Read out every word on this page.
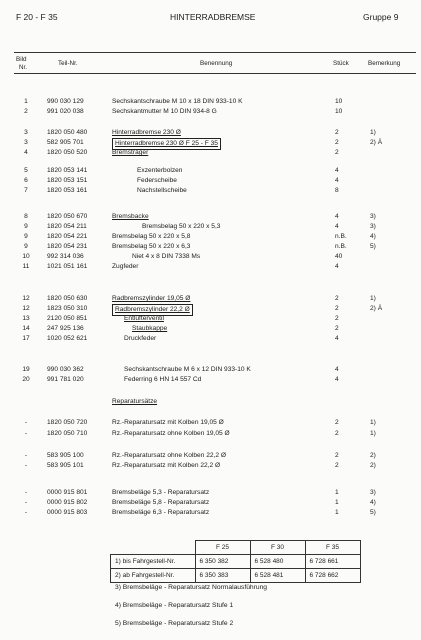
F 20 - F 35	HINTERRADBREMSE	Gruppe 9
Bild
Nr.
Teil-Nr.	Benennung	Stück	Bemerkung
1	990 030 129	Sechskantschraube M 10 x 18 DIN 933-10 K	10
2	991 020 038	Sechskantmutter M 10 DIN 934-8 G	10
3	1820 050 480	Hinterradbremse 230 Ø	2	1)
3	582 905 701	Hinterradbremse 230 Ø F 25 - F 35	2	2) Ä
4	1820 050 520	Bremsträger	2
5	1820 053 141	Exzenterbolzen	4
6	1820 053 151	Federscheibe	4
7	1820 053 161	Nachstellscheibe	8
8	1820 050 670	Bremsbacke	4	3)
9	1820 054 211	Bremsbelag 50 x 220 x 5,3	4	3)
9	1820 054 221	Bremsbelag 50 x 220 x 5,8	n.B.	4)
9	1820 054 231	Bremsbelag 50 x 220 x 6,3	n.B.	5)
10	992 314 036	Niet 4 x 8 DIN 7338 Ms	40
11	1021 051 161	Zugfeder	4
12	1820 050 630	Radbremszylinder 19,05 Ø	2	1)
12	1823 050 310	Radbremszylinder 22,2 Ø	2	2) Ä
13	2120 050 851	Entlüfterventil	2
14	247 925 136	Staubkappe	2
17	1020 052 621	Druckfeder	4
19	990 030 362	Sechskantschraube M 6 x 12 DIN 933-10 K	4
20	991 781 020	Federring 6 HN 14 557 Cd	4
Reparatursätze
-	1820 050 720	Rz.-Reparatursatz mit Kolben 19,05 Ø	2	1)
-	1820 050 710	Rz.-Reparatursatz ohne Kolben 19,05 Ø	2	1)
-	583 905 100	Rz.-Reparatursatz ohne Kolben 22,2 Ø	2	2)
-	583 905 101	Rz.-Reparatursatz mit Kolben 22,2 Ø	2	2)
-	0000 915 801	Bremsbeläge 5,3 - Reparatursatz	1	3)
-	0000 915 802	Bremsbeläge 5,8 - Reparatursatz	1	4)
-	0000 915 803	Bremsbeläge 6,3 - Reparatursatz	1	5)
	F 25	F 30	F 35
1) bis Fahrgestell-Nr.	6 350 382	6 528 480	6 728 661
2) ab Fahrgestell-Nr.	6 350 383	6 528 481	6 728 662
3) Bremsbeläge - Reparatursatz Normalausführung
4) Bremsbeläge - Reparatursatz Stufe 1
5) Bremsbeläge - Reparatursatz Stufe 2
